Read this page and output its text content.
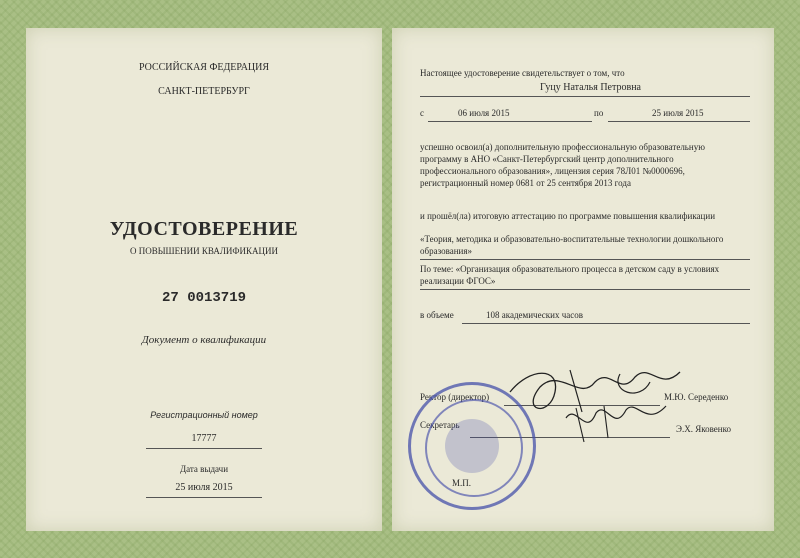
РОССИЙСКАЯ ФЕДЕРАЦИЯ
САНКТ-ПЕТЕРБУРГ
УДОСТОВЕРЕНИЕ
О ПОВЫШЕНИИ КВАЛИФИКАЦИИ
27 0013719
Документ о квалификации
Регистрационный номер
17777
Дата выдачи
25 июля 2015
Настоящее удостоверение свидетельствует о том, что
Гуцу Наталья Петровна
с	06 июля 2015	по	25 июля 2015
успешно освоил(а) дополнительную профессиональную образовательную
программу в АНО «Санкт-Петербургский центр дополнительного
профессионального образования», лицензия серия 78Л01 №0000696,
регистрационный номер 0681 от 25 сентября 2013 года
и прошёл(ла) итоговую аттестацию по программе повышения квалификации
«Теория, методика и образовательно-воспитательные технологии дошкольного
образования»
По теме: «Организация образовательного процесса в детском саду в условиях
реализации ФГОС»
в объеме	108 академических часов
Ректор (директор)	М.Ю. Середенко
Секретарь	Э.Х. Яковенко
М.П.
